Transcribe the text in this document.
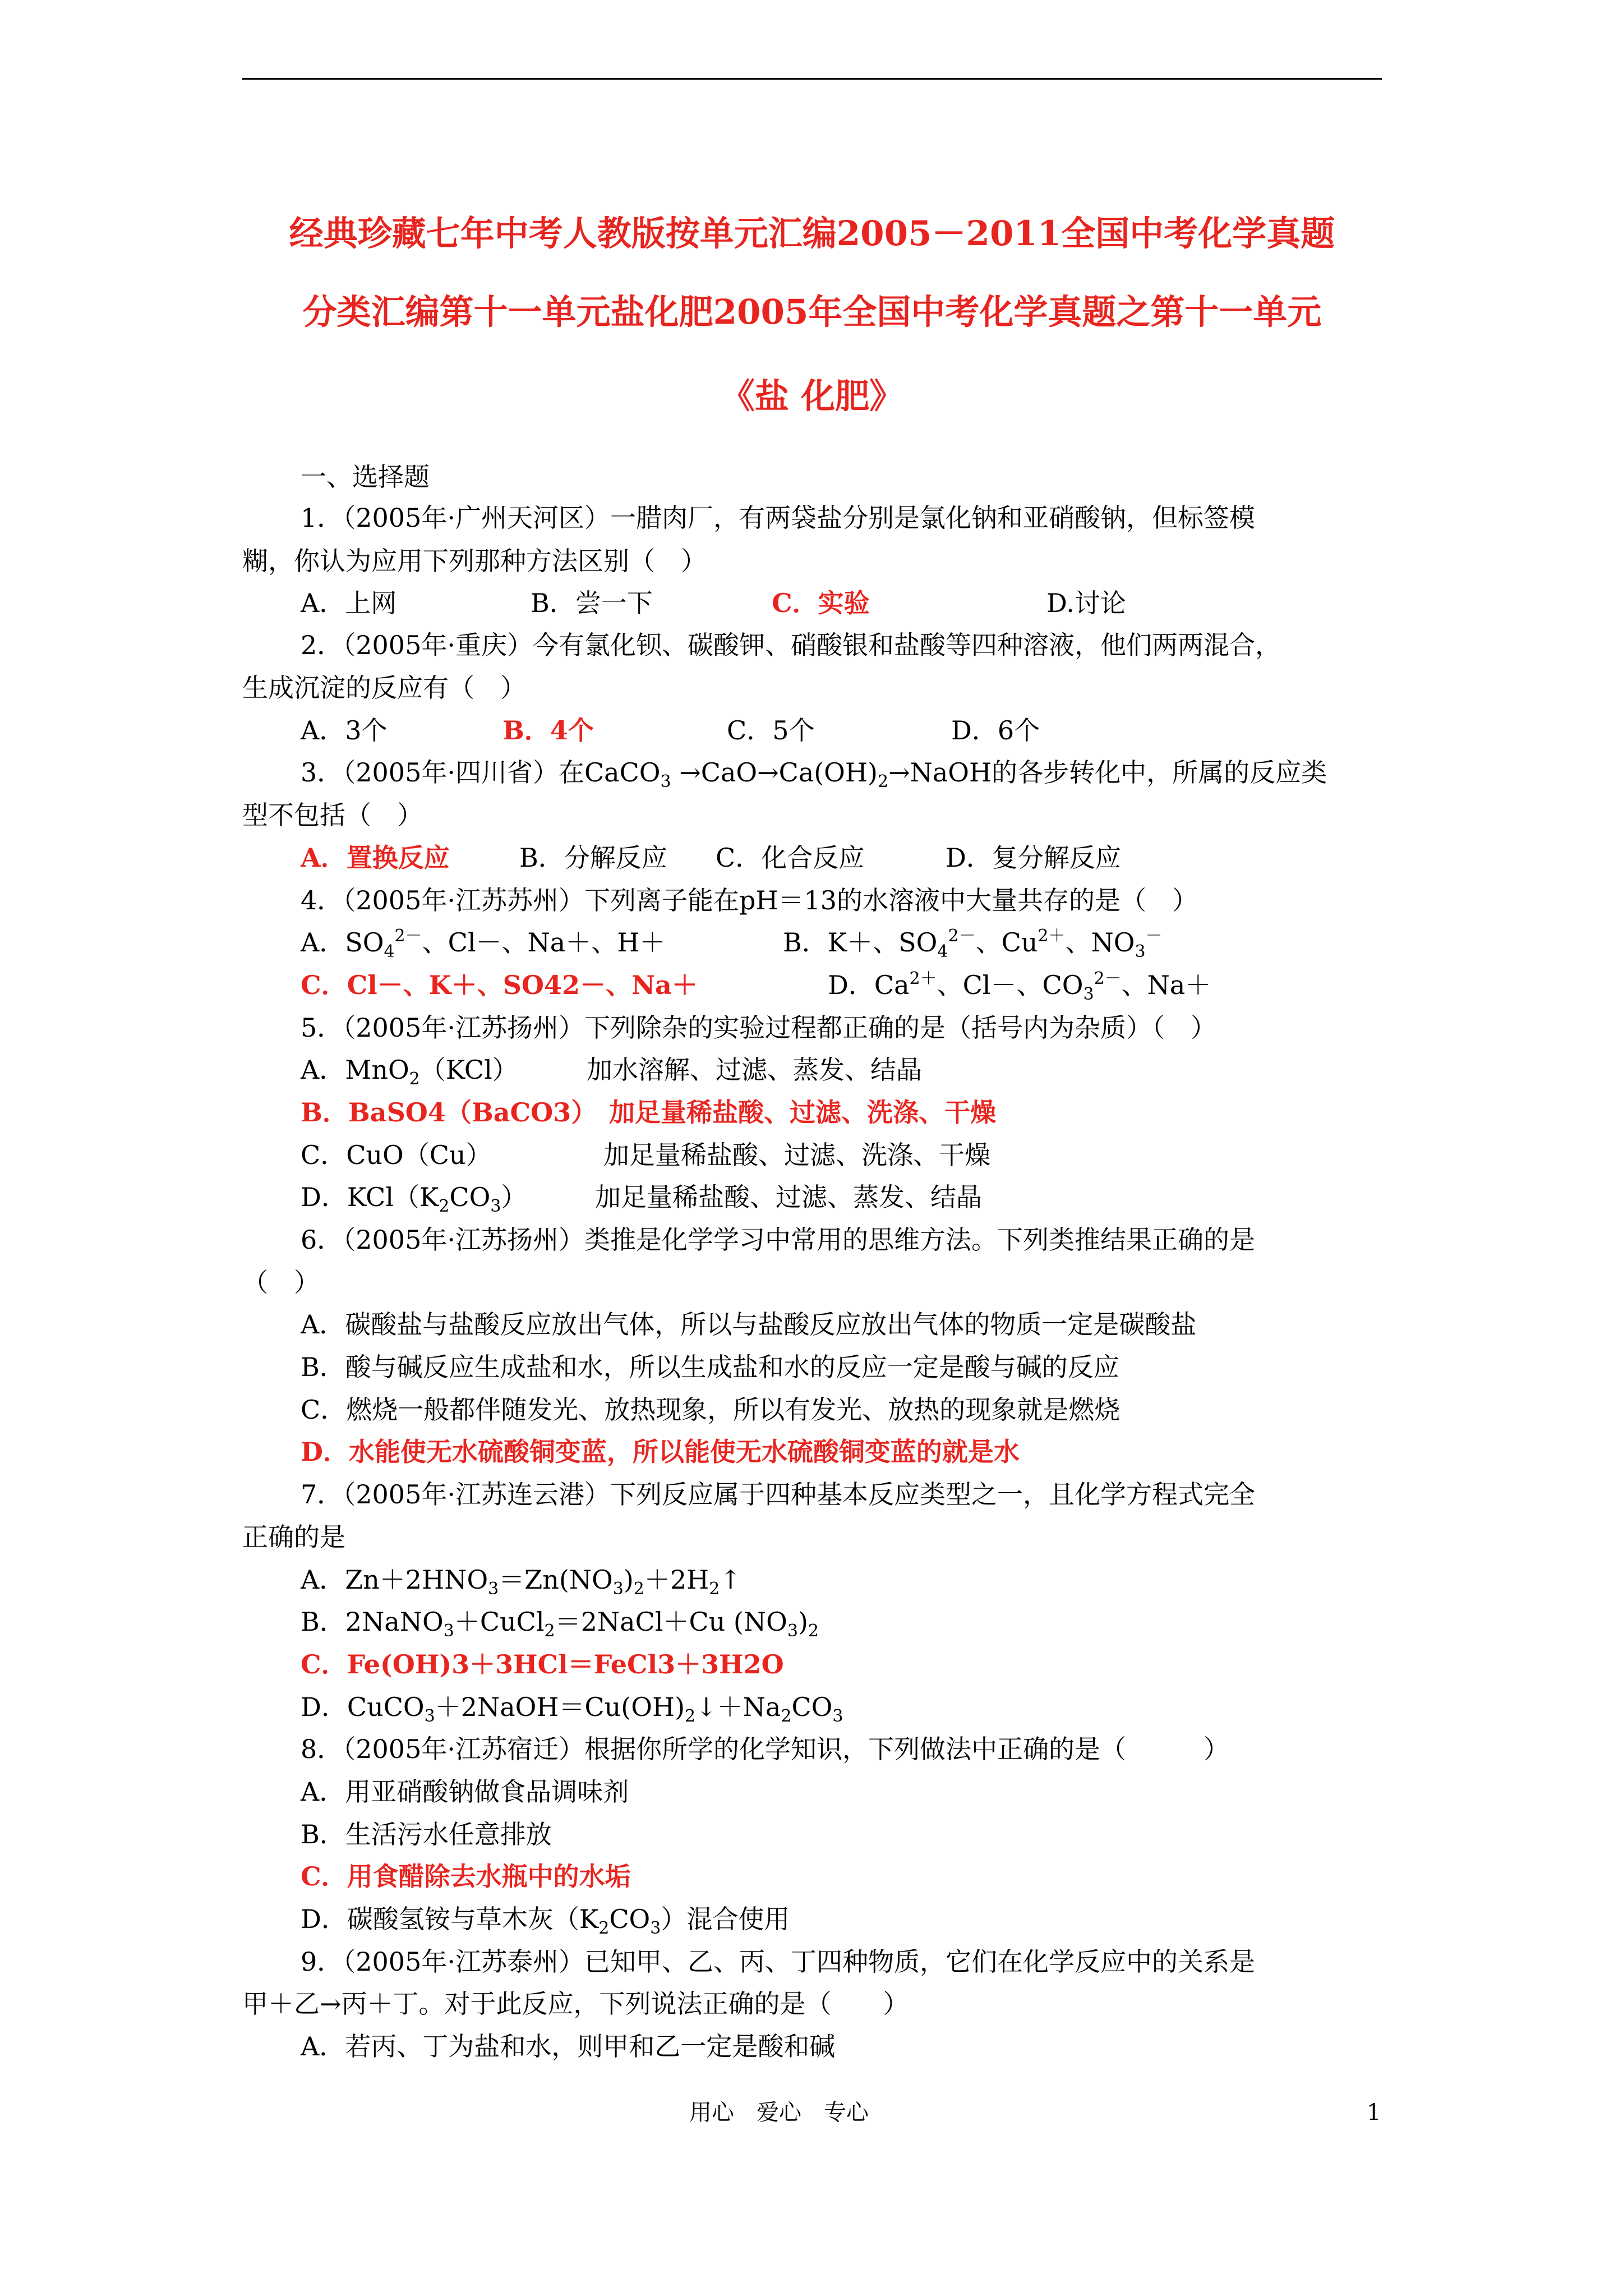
经典珍藏七年中考人教版按单元汇编2005－2011全国中考化学真题
分类汇编第十一单元盐化肥2005年全国中考化学真题之第十一单元
《盐 化肥》
一、选择题
1．（2005年·广州天河区）一腊肉厂，有两袋盐分别是氯化钠和亚硝酸钠，但标签模
糊，你认为应用下列那种方法区别（　）
A．上网	B．尝一下	C．实验	D.讨论
2．（2005年·重庆）今有氯化钡、碳酸钾、硝酸银和盐酸等四种溶液，他们两两混合，
生成沉淀的反应有（　）
A．3个	B．4个	C．5个	D．6个
3．（2005年·四川省）在CaCO$_3$ $\to CaO\to Ca(OH)_2\to NaOH$的各步转化中，所属的反应类
型不包括（　）
A．置换反应	B．分解反应 C．化合反应	D．复分解反应
4．（2005年·江苏苏州）下列离子能在pH＝13的水溶液中大量共存的是（　）
A．$SO_4^{2-}$、Cl－、Na＋、H＋	B．K＋、$SO_4^{2-}$、$Cu^{2+}$、$NO_3^-$
C．Cl－、K＋、SO42－、Na＋	D．$Ca^{2+}$、Cl－、$CO_3^{2-}$、Na＋
5．（2005年·江苏扬州）下列除杂的实验过程都正确的是（括号内为杂质）（　）
A．MnO$_2$（KCl）	加水溶解、过滤、蒸发、结晶
B．BaSO4（BaCO3） 加足量稀盐酸、过滤、洗涤、干燥
C．CuO（Cu）	加足量稀盐酸、过滤、洗涤、干燥
D．$KCl(K_2CO_3)$	加足量稀盐酸、过滤、蒸发、结晶
6．（2005年·江苏扬州）类推是化学学习中常用的思维方法。下列类推结果正确的是
（　）
A．碳酸盐与盐酸反应放出气体，所以与盐酸反应放出气体的物质一定是碳酸盐
B．酸与碱反应生成盐和水，所以生成盐和水的反应一定是酸与碱的反应
C．燃烧一般都伴随发光、放热现象，所以有发光、放热的现象就是燃烧
D．水能使无水硫酸铜变蓝，所以能使无水硫酸铜变蓝的就是水
7．（2005年·江苏连云港）下列反应属于四种基本反应类型之一，且化学方程式完全
正确的是
A．$Zn+2HNO_3=Zn(NO_3)_2+2H_2↑$
B．2NaNO$_3$＋CuCl$_2$＝2NaCl＋Cu $(NO_3)_2$
C．Fe(OH)3＋3HCl＝FeCl3＋3H2O
D．$CuCO_3+2NaOH=Cu(OH)_2↓+Na_2CO_3$
8．（2005年·江苏宿迁）根据你所学的化学知识，下列做法中正确的是（　　　）
A．用亚硝酸钠做食品调味剂
B．生活污水任意排放
C．用食醋除去水瓶中的水垢
D．碳酸氢铵与草木灰$(K_2CO_3)$混合使用
9．（2005年·江苏泰州）已知甲、乙、丙、丁四种物质，它们在化学反应中的关系是
甲＋乙→丙＋丁。对于此反应，下列说法正确的是（　　）
A．若丙、丁为盐和水，则甲和乙一定是酸和碱
用心　爱心　专心	1
